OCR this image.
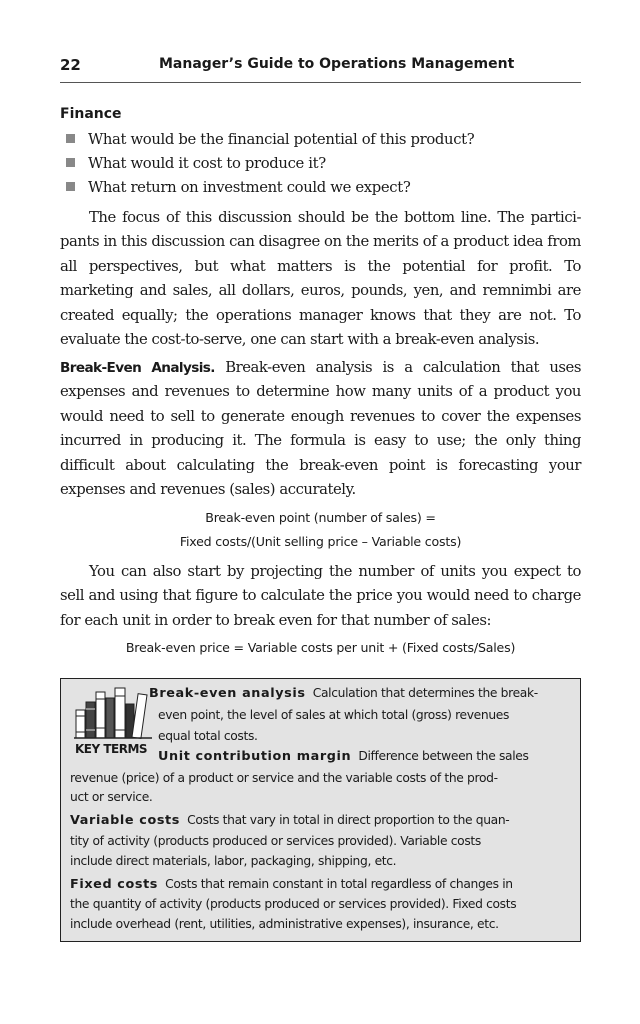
22	Manager’s Guide to Operations Management
Finance
What would be the financial potential of this product?
What would it cost to produce it?
What return on investment could we expect?

The focus of this discussion should be the bottom line. The partici- pants in this discussion can disagree on the merits of a product idea from all perspectives, but what matters is the potential for profit. To marketing and sales, all dollars, euros, pounds, yen, and remnimbi are created equally; the operations manager knows that they are not. To evaluate the cost-to-serve, one can start with a break-even analysis.

Break-Even Analysis. Break-even analysis is a calculation that uses expenses and revenues to determine how many units of a product you would need to sell to generate enough revenues to cover the expenses incurred in producing it. The formula is easy to use; the only thing difficult about calculating the break-even point is forecasting your expenses and revenues (sales) accurately.

Break-even point (number of sales) =
Fixed costs/(Unit selling price – Variable costs)

You can also start by projecting the number of units you expect to sell and using that figure to calculate the price you would need to charge for each unit in order to break even for that number of sales:

Break-even price = Variable costs per unit + (Fixed costs/Sales)
KEY TERMS
Break-even analysis Calculation that determines the break-
even point, the level of sales at which total (gross) revenues
equal total costs.
Unit contribution margin Difference between the sales
revenue (price) of a product or service and the variable costs of the prod-
uct or service.
Variable costs Costs that vary in total in direct proportion to the quan-
tity of activity (products produced or services provided). Variable costs
include direct materials, labor, packaging, shipping, etc.
Fixed costs Costs that remain constant in total regardless of changes in
the quantity of activity (products produced or services provided). Fixed costs
include overhead (rent, utilities, administrative expenses), insurance, etc.
